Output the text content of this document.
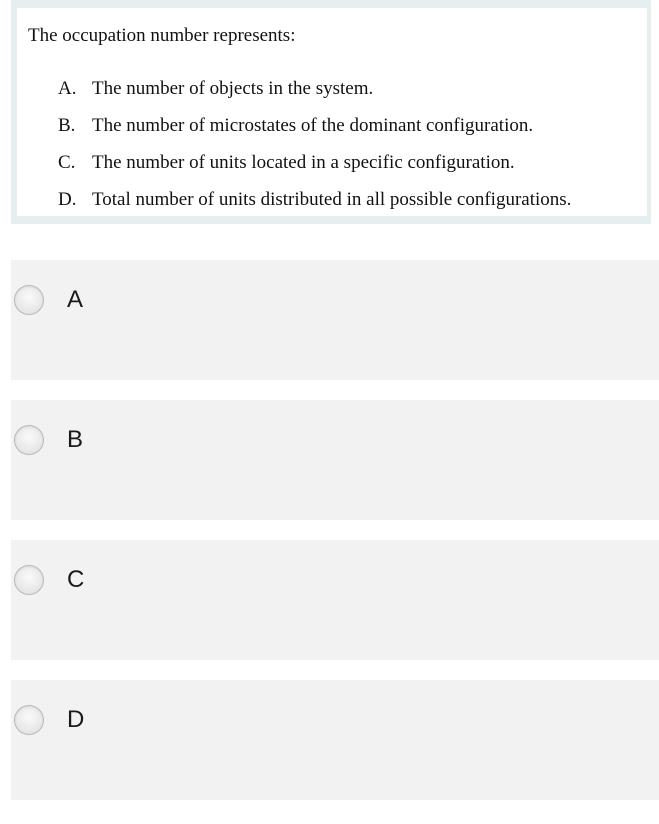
The occupation number represents:

A. The number of objects in the system.
B. The number of microstates of the dominant configuration.
C. The number of units located in a specific configuration.
D. Total number of units distributed in all possible configurations.
A
B
C
D
